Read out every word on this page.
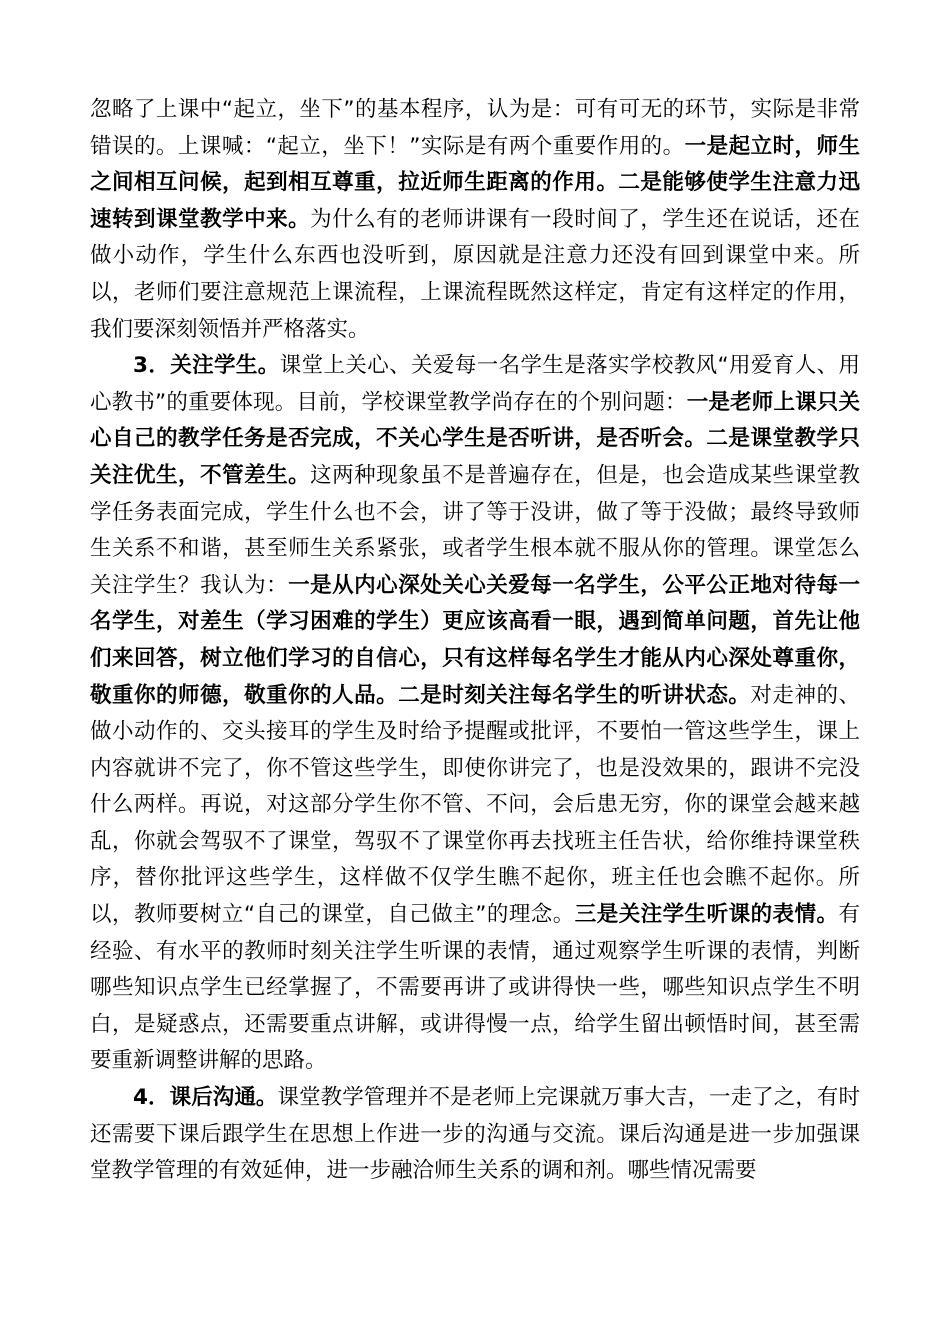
忽略了上课中“起立，坐下”的基本程序，认为是：可有可无的环节，实际是非常错误的。上课喊：“起立，坐下！”实际是有两个重要作用的。一是起立时，师生之间相互问候，起到相互尊重，拉近师生距离的作用。二是能够使学生注意力迅速转到课堂教学中来。为什么有的老师讲课有一段时间了，学生还在说话，还在做小动作，学生什么东西也没听到，原因就是注意力还没有回到课堂中来。所以，老师们要注意规范上课流程，上课流程既然这样定，肯定有这样定的作用，我们要深刻领悟并严格落实。

3．关注学生。课堂上关心、关爱每一名学生是落实学校教风“用爱育人、用心教书”的重要体现。目前，学校课堂教学尚存在的个别问题：一是老师上课只关心自己的教学任务是否完成，不关心学生是否听讲，是否听会。二是课堂教学只关注优生，不管差生。这两种现象虽不是普遍存在，但是，也会造成某些课堂教学任务表面完成，学生什么也不会，讲了等于没讲，做了等于没做；最终导致师生关系不和谐，甚至师生关系紧张，或者学生根本就不服从你的管理。课堂怎么关注学生？我认为：一是从内心深处关心关爱每一名学生，公平公正地对待每一名学生，对差生（学习困难的学生）更应该高看一眼，遇到简单问题，首先让他们来回答，树立他们学习的自信心，只有这样每名学生才能从内心深处尊重你，敬重你的师德，敬重你的人品。二是时刻关注每名学生的听讲状态。对走神的、做小动作的、交头接耳的学生及时给予提醒或批评，不要怕一管这些学生，课上内容就讲不完了，你不管这些学生，即使你讲完了，也是没效果的，跟讲不完没什么两样。再说，对这部分学生你不管、不问，会后患无穷，你的课堂会越来越乱，你就会驾驭不了课堂，驾驭不了课堂你再去找班主任告状，给你维持课堂秩序，替你批评这些学生，这样做不仅学生瞧不起你，班主任也会瞧不起你。所以，教师要树立“自己的课堂，自己做主”的理念。三是关注学生听课的表情。有经验、有水平的教师时刻关注学生听课的表情，通过观察学生听课的表情，判断哪些知识点学生已经掌握了，不需要再讲了或讲得快一些，哪些知识点学生不明白，是疑惑点，还需要重点讲解，或讲得慢一点，给学生留出顿悟时间，甚至需要重新调整讲解的思路。

4．课后沟通。课堂教学管理并不是老师上完课就万事大吉，一走了之，有时还需要下课后跟学生在思想上作进一步的沟通与交流。课后沟通是进一步加强课堂教学管理的有效延伸，进一步融洽师生关系的调和剂。哪些情况需要
